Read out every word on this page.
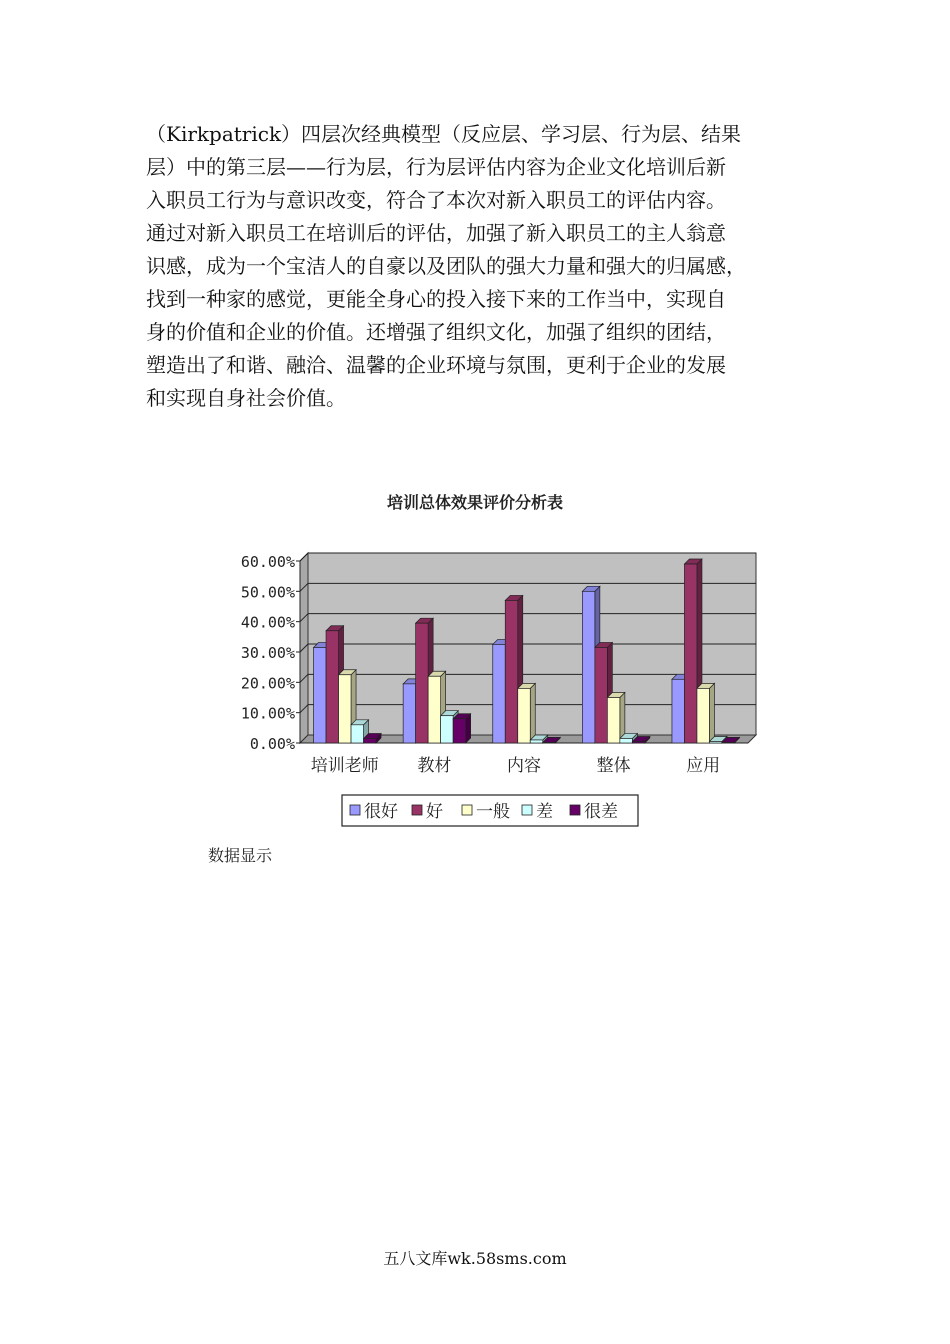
（Kirkpatrick）四层次经典模型（反应层、学习层、行为层、结果
层）中的第三层——行为层，行为层评估内容为企业文化培训后新
入职员工行为与意识改变，符合了本次对新入职员工的评估内容。
通过对新入职员工在培训后的评估，加强了新入职员工的主人翁意
识感，成为一个宝洁人的自豪以及团队的强大力量和强大的归属感，
找到一种家的感觉，更能全身心的投入接下来的工作当中，实现自
身的价值和企业的价值。还增强了组织文化，加强了组织的团结，
塑造出了和谐、融洽、温馨的企业环境与氛围，更利于企业的发展
和实现自身社会价值。
培训总体效果评价分析表
0.00%
10.00%
20.00%
30.00%
40.00%
50.00%
60.00%
培训老师 教材	内容	整体	应用
很好 好 一般 差 很差
数据显示
五八文库wk.58sms.com
